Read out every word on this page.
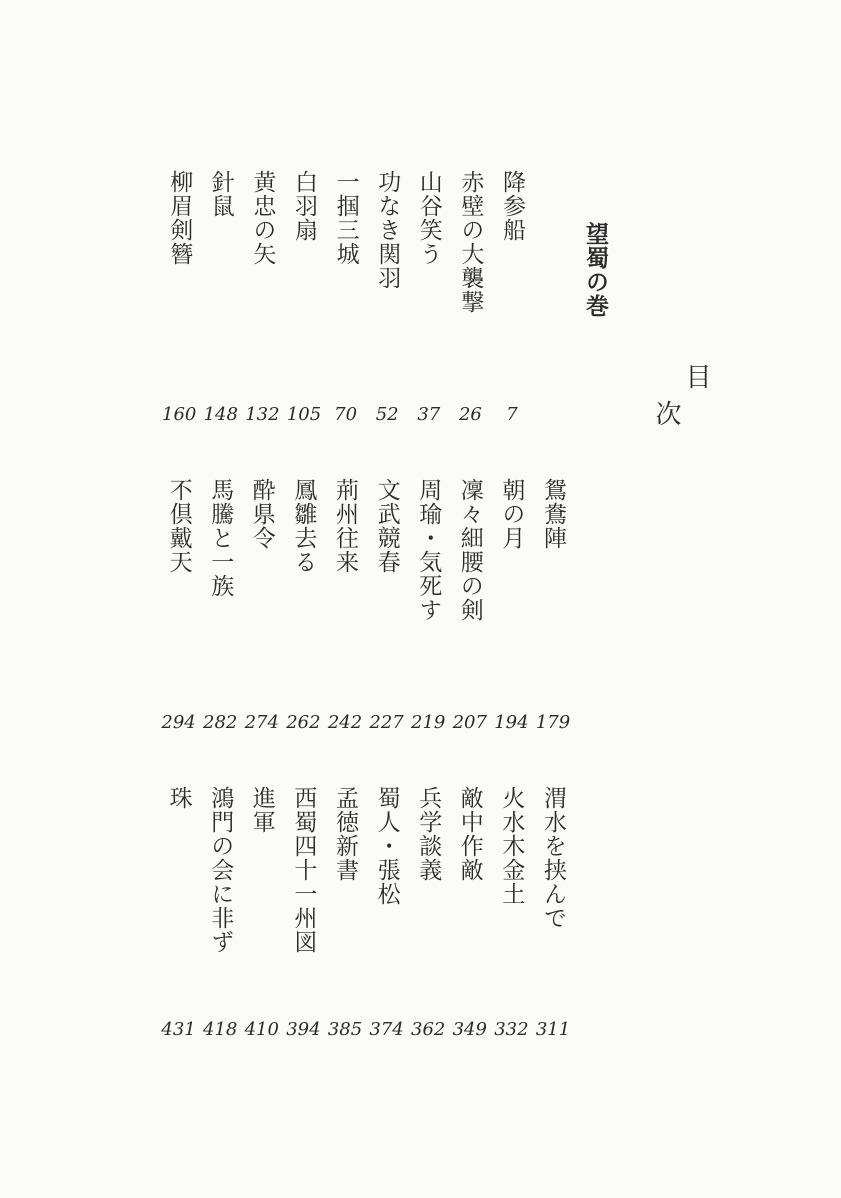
目
次
望蜀の巻
降参船
7
赤壁の大襲撃
26
山谷笑う
37
功なき関羽
52
一掴三城
70
白羽扇
105
黄忠の矢
132
針鼠
148
柳眉剣簪
160
鴛鴦陣
179
朝の月
194
凜々細腰の剣
207
周瑜・気死す
219
文武競春
227
荊州往来
242
鳳雛去る
262
酔県令
274
馬騰と一族
282
不倶戴天
294
渭水を挟んで
311
火水木金土
332
敵中作敵
349
兵学談義
362
蜀人・張松
374
孟徳新書
385
西蜀四十一州図
394
進軍
410
鴻門の会に非ず
418
珠
431
